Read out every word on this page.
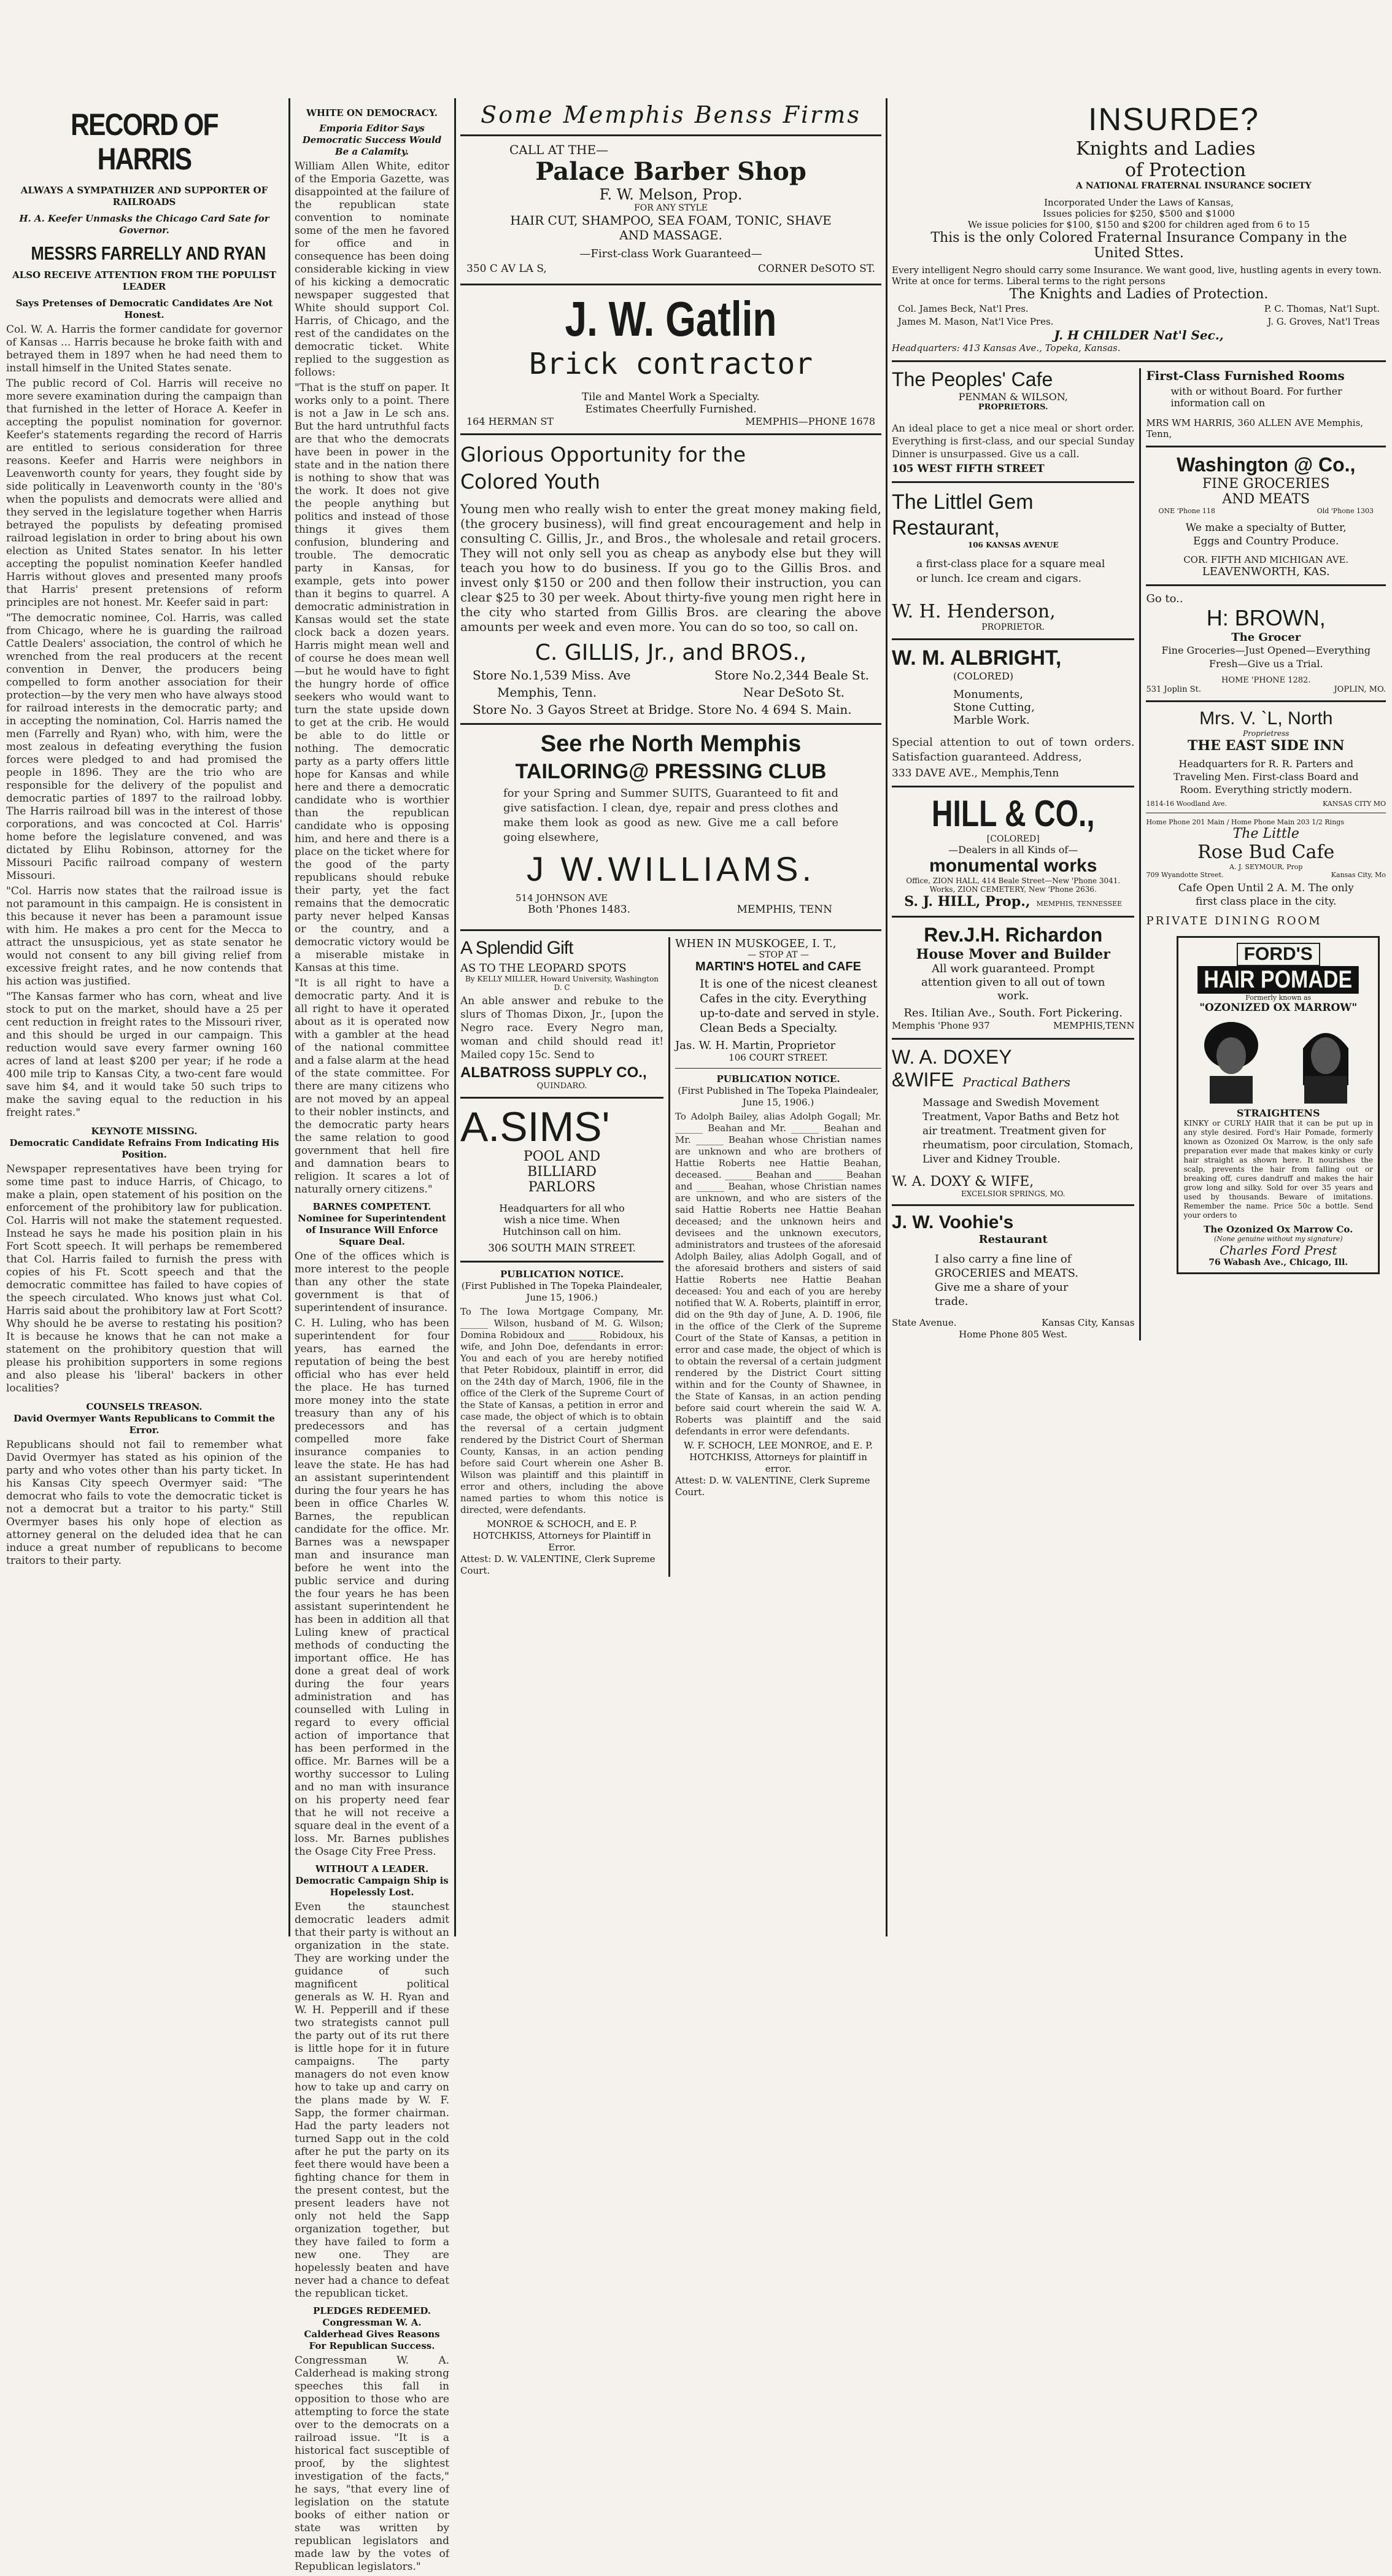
RECORD OF HARRIS
ALWAYS A SYMPATHIZER AND SUPPORTER OF RAILROADS
H. A. Keefer Unmasks the Chicago Card Sate for Governor.
MESSRS FARRELLY AND RYAN
ALSO RECEIVE ATTENTION FROM THE POPULIST LEADER
Says Pretenses of Democratic Candidates Are Not Honest.

Col. W. A. Harris the former candidate for governor of Kansas ... Harris because he broke faith with and betrayed them in 1897 when he had need them to install himself in the United States senate.

The public record of Col. Harris will receive no more severe examination during the campaign than that furnished in the letter of Horace A. Keefer in accepting the populist nomination for governor. Keefer's statements regarding the record of Harris are entitled to serious consideration for three reasons. Keefer and Harris were neighbors in Leavenworth county for years, they fought side by side politically in Leavenworth county in the '80's when the populists and democrats were allied and they served in the legislature together when Harris betrayed the populists by defeating promised railroad legislation in order to bring about his own election as United States senator. In his letter accepting the populist nomination Keefer handled Harris without gloves and presented many proofs that Harris' present pretensions of reform principles are not honest. Mr. Keefer said in part:

"The democratic nominee, Col. Harris, was called from Chicago, where he is guarding the railroad Cattle Dealers' association, the control of which he wrenched from the real producers at the recent convention in Denver, the producers being compelled to form another association for their protection—by the very men who have always stood for railroad interests in the democratic party; and in accepting the nomination, Col. Harris named the men (Farrelly and Ryan) who, with him, were the most zealous in defeating everything the fusion forces were pledged to and had promised the people in 1896. They are the trio who are responsible for the delivery of the populist and democratic parties of 1897 to the railroad lobby. The Harris railroad bill was in the interest of those corporations, and was concocted at Col. Harris' home before the legislature convened, and was dictated by Elihu Robinson, attorney for the Missouri Pacific railroad company of western Missouri.

"Col. Harris now states that the railroad issue is not paramount in this campaign. He is consistent in this because it never has been a paramount issue with him. He makes a pro cent for the Mecca to attract the unsuspicious, yet as state senator he would not consent to any bill giving relief from excessive freight rates, and he now contends that his action was justified.

"The Kansas farmer who has corn, wheat and live stock to put on the market, should have a 25 per cent reduction in freight rates to the Missouri river, and this should be urged in our campaign. This reduction would save every farmer owning 160 acres of land at least $200 per year; if he rode a 400 mile trip to Kansas City, a two-cent fare would save him $4, and it would take 50 such trips to make the saving equal to the reduction in his freight rates."

KEYNOTE MISSING.
Democratic Candidate Refrains From Indicating His Position.

Newspaper representatives have been trying for some time past to induce Harris, of Chicago, to make a plain, open statement of his position on the enforcement of the prohibitory law for publication. Col. Harris will not make the statement requested. Instead he says he made his position plain in his Fort Scott speech. It will perhaps be remembered that Col. Harris failed to furnish the press with copies of his Ft. Scott speech and that the democratic committee has failed to have copies of the speech circulated. Who knows just what Col. Harris said about the prohibitory law at Fort Scott? Why should he be averse to restating his position? It is because he knows that he can not make a statement on the prohibitory question that will please his prohibition supporters in some regions and also please his 'liberal' backers in other localities?

COUNSELS TREASON.
David Overmyer Wants Republicans to Commit the Error.

Republicans should not fail to remember what David Overmyer has stated as his opinion of the party and who votes other than his party ticket. In his Kansas City speech Overmyer said: "The democrat who fails to vote the democratic ticket is not a democrat but a traitor to his party." Still Overmyer bases his only hope of election as attorney general on the deluded idea that he can induce a great number of republicans to become traitors to their party.

WHITE ON DEMOCRACY.
Emporia Editor Says Democratic Success Would Be a Calamity.

William Allen White, editor of the Emporia Gazette, was disappointed at the failure of the republican state convention to nominate some of the men he favored for office and in consequence has been doing considerable kicking in view of his kicking a democratic newspaper suggested that White should support Col. Harris, of Chicago, and the rest of the candidates on the democratic ticket. White replied to the suggestion as follows:

"That is the stuff on paper. It works only to a point. There is not a Jaw in Le sch ans. But the hard untruthful facts are that who the democrats have been in power in the state and in the nation there is nothing to show that was the work. It does not give the people anything but politics and instead of those things it gives them confusion, blundering and trouble. The democratic party in Kansas, for example, gets into power than it begins to quarrel. A democratic administration in Kansas would set the state clock back a dozen years. Harris might mean well and of course he does mean well—but he would have to fight the hungry horde of office seekers who would want to turn the state upside down to get at the crib. He would be able to do little or nothing. The democratic party as a party offers little hope for Kansas and while here and there a democratic candidate who is worthier than the republican candidate who is opposing him, and here and there is a place on the ticket where for the good of the party republicans should rebuke their party, yet the fact remains that the democratic party never helped Kansas or the country, and a democratic victory would be a miserable mistake in Kansas at this time.

"It is all right to have a democratic party. And it is all right to have it operated about as it is operated now with a gambler at the head of the national committee and a false alarm at the head of the state committee. For there are many citizens who are not moved by an appeal to their nobler instincts, and the democratic party hears the same relation to good government that hell fire and damnation bears to religion. It scares a lot of naturally ornery citizens."

BARNES COMPETENT.
Nominee for Superintendent of Insurance Will Enforce Square Deal.

One of the offices which is more interest to the people than any other the state government is that of superintendent of insurance.

C. H. Luling, who has been superintendent for four years, has earned the reputation of being the best official who has ever held the place. He has turned more money into the state treasury than any of his predecessors and has compelled more fake insurance companies to leave the state. He has had an assistant superintendent during the four years he has been in office Charles W. Barnes, the republican candidate for the office. Mr. Barnes was a newspaper man and insurance man before he went into the public service and during the four years he has been assistant superintendent he has been in addition all that Luling knew of practical methods of conducting the important office. He has done a great deal of work during the four years administration and has counselled with Luling in regard to every official action of importance that has been performed in the office. Mr. Barnes will be a worthy successor to Luling and no man with insurance on his property need fear that he will not receive a square deal in the event of a loss. Mr. Barnes publishes the Osage City Free Press.

WITHOUT A LEADER.
Democratic Campaign Ship is Hopelessly Lost.

Even the staunchest democratic leaders admit that their party is without an organization in the state. They are working under the guidance of such magnificent political generals as W. H. Ryan and W. H. Pepperill and if these two strategists cannot pull the party out of its rut there is little hope for it in future campaigns. The party managers do not even know how to take up and carry on the plans made by W. F. Sapp, the former chairman. Had the party leaders not turned Sapp out in the cold after he put the party on its feet there would have been a fighting chance for them in the present contest, but the present leaders have not only not held the Sapp organization together, but they have failed to form a new one. They are hopelessly beaten and have never had a chance to defeat the republican ticket.

PLEDGES REDEEMED.
Congressman W. A. Calderhead Gives Reasons For Republican Success.

Congressman W. A. Calderhead is making strong speeches this fall in opposition to those who are attempting to force the state over to the democrats on a railroad issue. "It is a historical fact susceptible of proof, by the slightest investigation of the facts," he says, "that every line of legislation on the statute books of either nation or state was written by republican legislators and made law by the votes of Republican legislators."

Some Memphis Benss Firms
CALL AT THE—
Palace Barber Shop
F. W. Melson, Prop.
FOR ANY STYLE
HAIR CUT, SHAMPOO, SEA FOAM, TONIC, SHAVE AND MASSAGE.
—First-class Work Guaranteed—
350 C AV LA S,	CORNER DeSOTO ST.
J. W. Gatlin
Brick contractor
Tile and Mantel Work a Specialty.
Estimates Cheerfully Furnished.
164 HERMAN ST	MEMPHIS—PHONE 1678
Glorious Opportunity for the Colored Youth

Young men who really wish to enter the great money making field, (the grocery business), will find great encouragement and help in consulting C. Gillis, Jr., and Bros., the wholesale and retail grocers. They will not only sell you as cheap as anybody else but they will teach you how to do business. If you go to the Gillis Bros. and invest only $150 or 200 and then follow their instruction, you can clear $25 to 30 per week. About thirty-five young men right here in the city who started from Gillis Bros. are clearing the above amounts per week and even more. You can do so too, so call on.

C. GILLIS, Jr., and BROS.,
Store No.1,539 Miss. Ave	Store No.2,344 Beale St.
Memphis, Tenn.	Near DeSoto St.
Store No. 3 Gayos Street at Bridge. Store No. 4 694 S. Main.
See rhe North Memphis
TAILORING@ PRESSING CLUB

for your Spring and Summer SUITS, Guaranteed to fit and give satisfaction. I clean, dye, repair and press clothes and make them look as good as new. Give me a call before going elsewhere,

J W.WILLIAMS.
514 JOHNSON AVE
Both 'Phones 1483.	MEMPHIS, TENN
A Splendid Gift
AS TO THE LEOPARD SPOTS
By KELLY MILLER, Howard University, Washington D. C

An able answer and rebuke to the slurs of Thomas Dixon, Jr., [upon the Negro race. Every Negro man, woman and child should read it! Mailed copy 15c. Send to

ALBATROSS SUPPLY CO.,
QUINDARO.
A.SIMS'
POOL AND BILLIARD PARLORS
Headquarters for all who wish a nice time. When Hutchinson call on him.
306 SOUTH MAIN STREET.
PUBLICATION NOTICE.
(First Published in The Topeka Plaindealer, June 15, 1906.)

To The Iowa Mortgage Company, Mr. ______ Wilson, husband of M. G. Wilson; Domina Robidoux and ______ Robidoux, his wife, and John Doe, defendants in error: You and each of you are hereby notified that Peter Robidoux, plaintiff in error, did on the 24th day of March, 1906, file in the office of the Clerk of the Supreme Court of the State of Kansas, a petition in error and case made, the object of which is to obtain the reversal of a certain judgment rendered by the District Court of Sherman County, Kansas, in an action pending before said Court wherein one Asher B. Wilson was plaintiff and this plaintiff in error and others, including the above named parties to whom this notice is directed, were defendants.

MONROE & SCHOCH, and E. P. HOTCHKISS, Attorneys for Plaintiff in Error.
Attest: D. W. VALENTINE, Clerk Supreme Court.
WHEN IN MUSKOGEE, I. T.,
— STOP AT —
MARTIN'S HOTEL and CAFE
It is one of the nicest cleanest Cafes in the city. Everything up-to-date and served in style. Clean Beds a Specialty.
Jas. W. H. Martin, Proprietor
106 COURT STREET.
PUBLICATION NOTICE.
(First Published in The Topeka Plaindealer, June 15, 1906.)

To Adolph Bailey, alias Adolph Gogall; Mr. ______ Beahan and Mr. ______ Beahan and Mr. ______ Beahan whose Christian names are unknown and who are brothers of Hattie Roberts nee Hattie Beahan, deceased. ______ Beahan and ______ Beahan and ______ Beahan, whose Christian names are unknown, and who are sisters of the said Hattie Roberts nee Hattie Beahan deceased; and the unknown heirs and devisees and the unknown executors, administrators and trustees of the aforesaid Adolph Bailey, alias Adolph Gogall, and of the aforesaid brothers and sisters of said Hattie Roberts nee Hattie Beahan deceased: You and each of you are hereby notified that W. A. Roberts, plaintiff in error, did on the 9th day of June, A. D. 1906, file in the office of the Clerk of the Supreme Court of the State of Kansas, a petition in error and case made, the object of which is to obtain the reversal of a certain judgment rendered by the District Court sitting within and for the County of Shawnee, in the State of Kansas, in an action pending before said court wherein the said W. A. Roberts was plaintiff and the said defendants in error were defendants.

W. F. SCHOCH, LEE MONROE, and E. P. HOTCHKISS, Attorneys for plaintiff in error.
Attest: D. W. VALENTINE, Clerk Supreme Court.
INSURDE?
Knights and Ladies
of Protection
A NATIONAL FRATERNAL INSURANCE SOCIETY
Incorporated Under the Laws of Kansas,
Issues policies for $250, $500 and $1000
We issue policies for $100, $150 and $200 for children aged from 6 to 15
This is the only Colored Fraternal Insurance Company in the United Sttes.
Every intelligent Negro should carry some Insurance. We want good, live, hustling agents in every town. Write at once for terms. Liberal terms to the right persons
The Knights and Ladies of Protection.
Col. James Beck, Nat'l Pres.	P. C. Thomas, Nat'l Supt.
James M. Mason, Nat'l Vice Pres.	J. G. Groves, Nat'l Treas
J. H CHILDER Nat'l Sec.,
Headquarters: 413 Kansas Ave., Topeka, Kansas.
The Peoples' Cafe
PENMAN & WILSON,
PROPRIETORS.

An ideal place to get a nice meal or short order. Everything is first-class, and our special Sunday Dinner is unsurpassed. Give us a call.

105 WEST FIFTH STREET
The Littlel Gem Restaurant,
106 KANSAS AVENUE
a first-class place for a square meal or lunch. Ice cream and cigars.
W. H. Henderson,
PROPRIETOR.
W. M. ALBRIGHT,
(COLORED)
Monuments,
Stone Cutting,
Marble Work.

Special attention to out of town orders. Satisfaction guaranteed. Address,

333 DAVE AVE., Memphis,Tenn
HILL & CO.,
[COLORED]
—Dealers in all Kinds of—
monumental works
Office, ZION HALL, 414 Beale Street—New 'Phone 3041.
Works, ZION CEMETERY, New 'Phone 2636.
S. J. HILL, Prop., MEMPHIS, TENNESSEE
Rev.J.H. Richardon
House Mover and Builder
All work guaranteed. Prompt attention given to all out of town work.
Res. Itilian Ave., South. Fort Pickering.
Memphis 'Phone 937	MEMPHIS,TENN
W. A. DOXEY
&WIFE Practical Bathers
Massage and Swedish Movement Treatment, Vapor Baths and Betz hot air treatment. Treatment given for rheumatism, poor circulation, Stomach, Liver and Kidney Trouble.
W. A. DOXY & WIFE,
EXCELSIOR SPRINGS, MO.
J. W. Voohie's
Restaurant
I also carry a fine line of GROCERIES and MEATS. Give me a share of your trade.
State Avenue.	Kansas City, Kansas
Home Phone 805 West.
First-Class Furnished Rooms
with or without Board. For further information call on
MRS WM HARRIS, 360 ALLEN AVE Memphis, Tenn,
Washington @ Co.,
FINE GROCERIES
AND MEATS
ONE 'Phone 118	Old 'Phone 1303
We make a specialty of Butter, Eggs and Country Produce.
COR. FIFTH AND MICHIGAN AVE.
LEAVENWORTH, KAS.
Go to..
H: BROWN,
The Grocer
Fine Groceries—Just Opened—Everything Fresh—Give us a Trial.
HOME 'PHONE 1282.
531 Joplin St.	JOPLIN, MO.
Mrs. V. `L, North
Proprietress
THE EAST SIDE INN
Headquarters for R. R. Parters and Traveling Men. First-class Board and Room. Everything strictly modern.
1814-16 Woodland Ave.	KANSAS CITY MO
Home Phone 201 Main / Home Phone Main 203 1/2 Rings
The Little
Rose Bud Cafe
A. J. SEYMOUR, Prop
709 Wyandotte Street.	Kansas City, Mo
Cafe Open Until 2 A. M. The only first class place in the city.
PRIVATE DINING ROOM
FORD'S
HAIR POMADE
Formerly known as
"OZONIZED OX MARROW"
STRAIGHTENS
KINKY or CURLY HAIR that it can be put up in any style desired. Ford's Hair Pomade, formerly known as Ozonized Ox Marrow, is the only safe preparation ever made that makes kinky or curly hair straight as shown here. It nourishes the scalp, prevents the hair from falling out or breaking off, cures dandruff and makes the hair grow long and silky. Sold for over 35 years and used by thousands. Beware of imitations. Remember the name. Price 50c a bottle. Send your orders to
The Ozonized Ox Marrow Co.
(None genuine without my signature)
Charles Ford Prest
76 Wabash Ave., Chicago, Ill.
